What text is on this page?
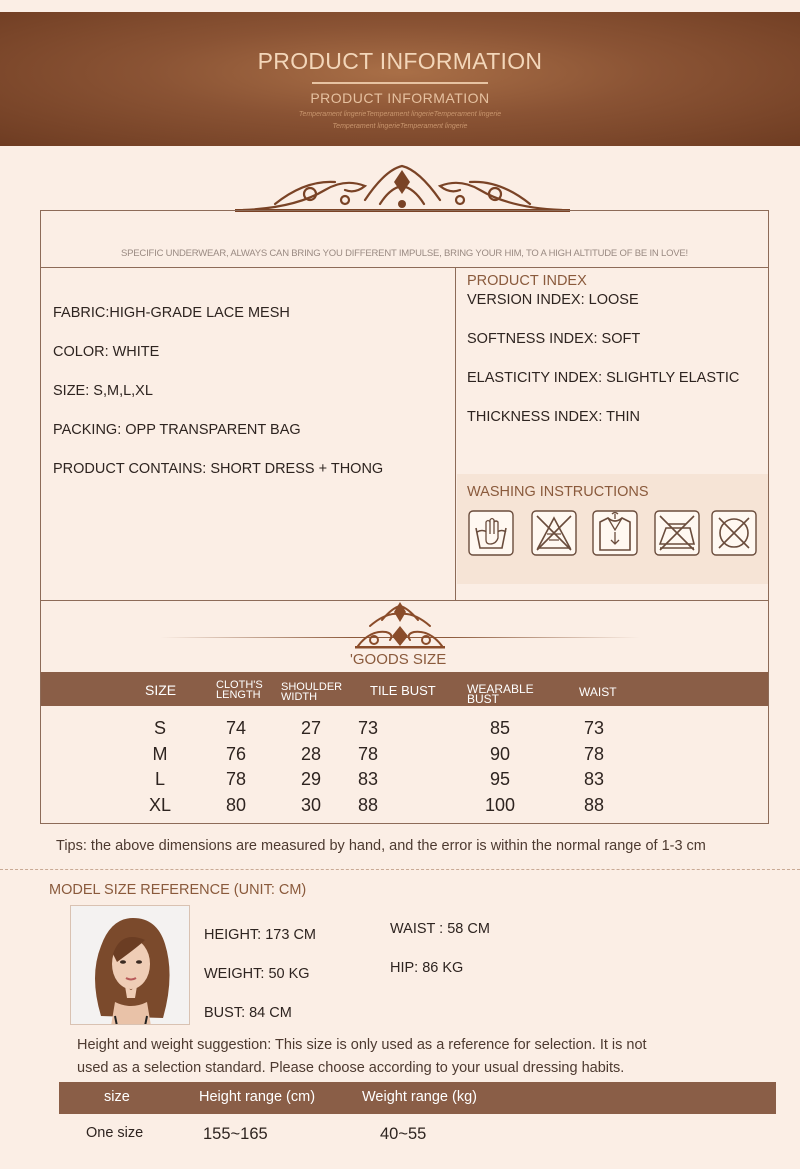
PRODUCT INFORMATION
PRODUCT INFORMATION
Temperament lingerieTemperament lingerieTemperament lingerie
Temperament lingerieTemperament lingerie
SPECIFIC UNDERWEAR, ALWAYS CAN BRING YOU DIFFERENT IMPULSE, BRING YOUR HIM, TO A HIGH ALTITUDE OF BE IN LOVE!
FABRIC:HIGH-GRADE LACE MESH
COLOR: WHITE
SIZE: S,M,L,XL
PACKING: OPP TRANSPARENT BAG
PRODUCT CONTAINS: SHORT DRESS + THONG
PRODUCT INDEX
VERSION INDEX: LOOSE
SOFTNESS INDEX: SOFT
ELASTICITY INDEX: SLIGHTLY ELASTIC
THICKNESS INDEX: THIN
WASHING INSTRUCTIONS
'GOODS SIZE
SIZE	CLOTH'S
LENGTH
SHOULDER
WIDTH	TILE BUST	WEARABLE
BUST	WAIST
S	74	27	73	85	73
M	76	28	78	90	78
L	78	29	83	95	83
XL	80	30	88	100	88
Tips: the above dimensions are measured by hand, and the error is within the normal range of 1-3 cm
MODEL SIZE REFERENCE (UNIT: CM)
HEIGHT: 173 CM
WEIGHT: 50 KG
BUST: 84 CM
WAIST : 58 CM
HIP: 86 KG
Height and weight suggestion: This size is only used as a reference for selection. It is not
used as a selection standard. Please choose according to your usual dressing habits.
size	Height range (cm)	Weight range (kg)
One size	155~165	40~55
